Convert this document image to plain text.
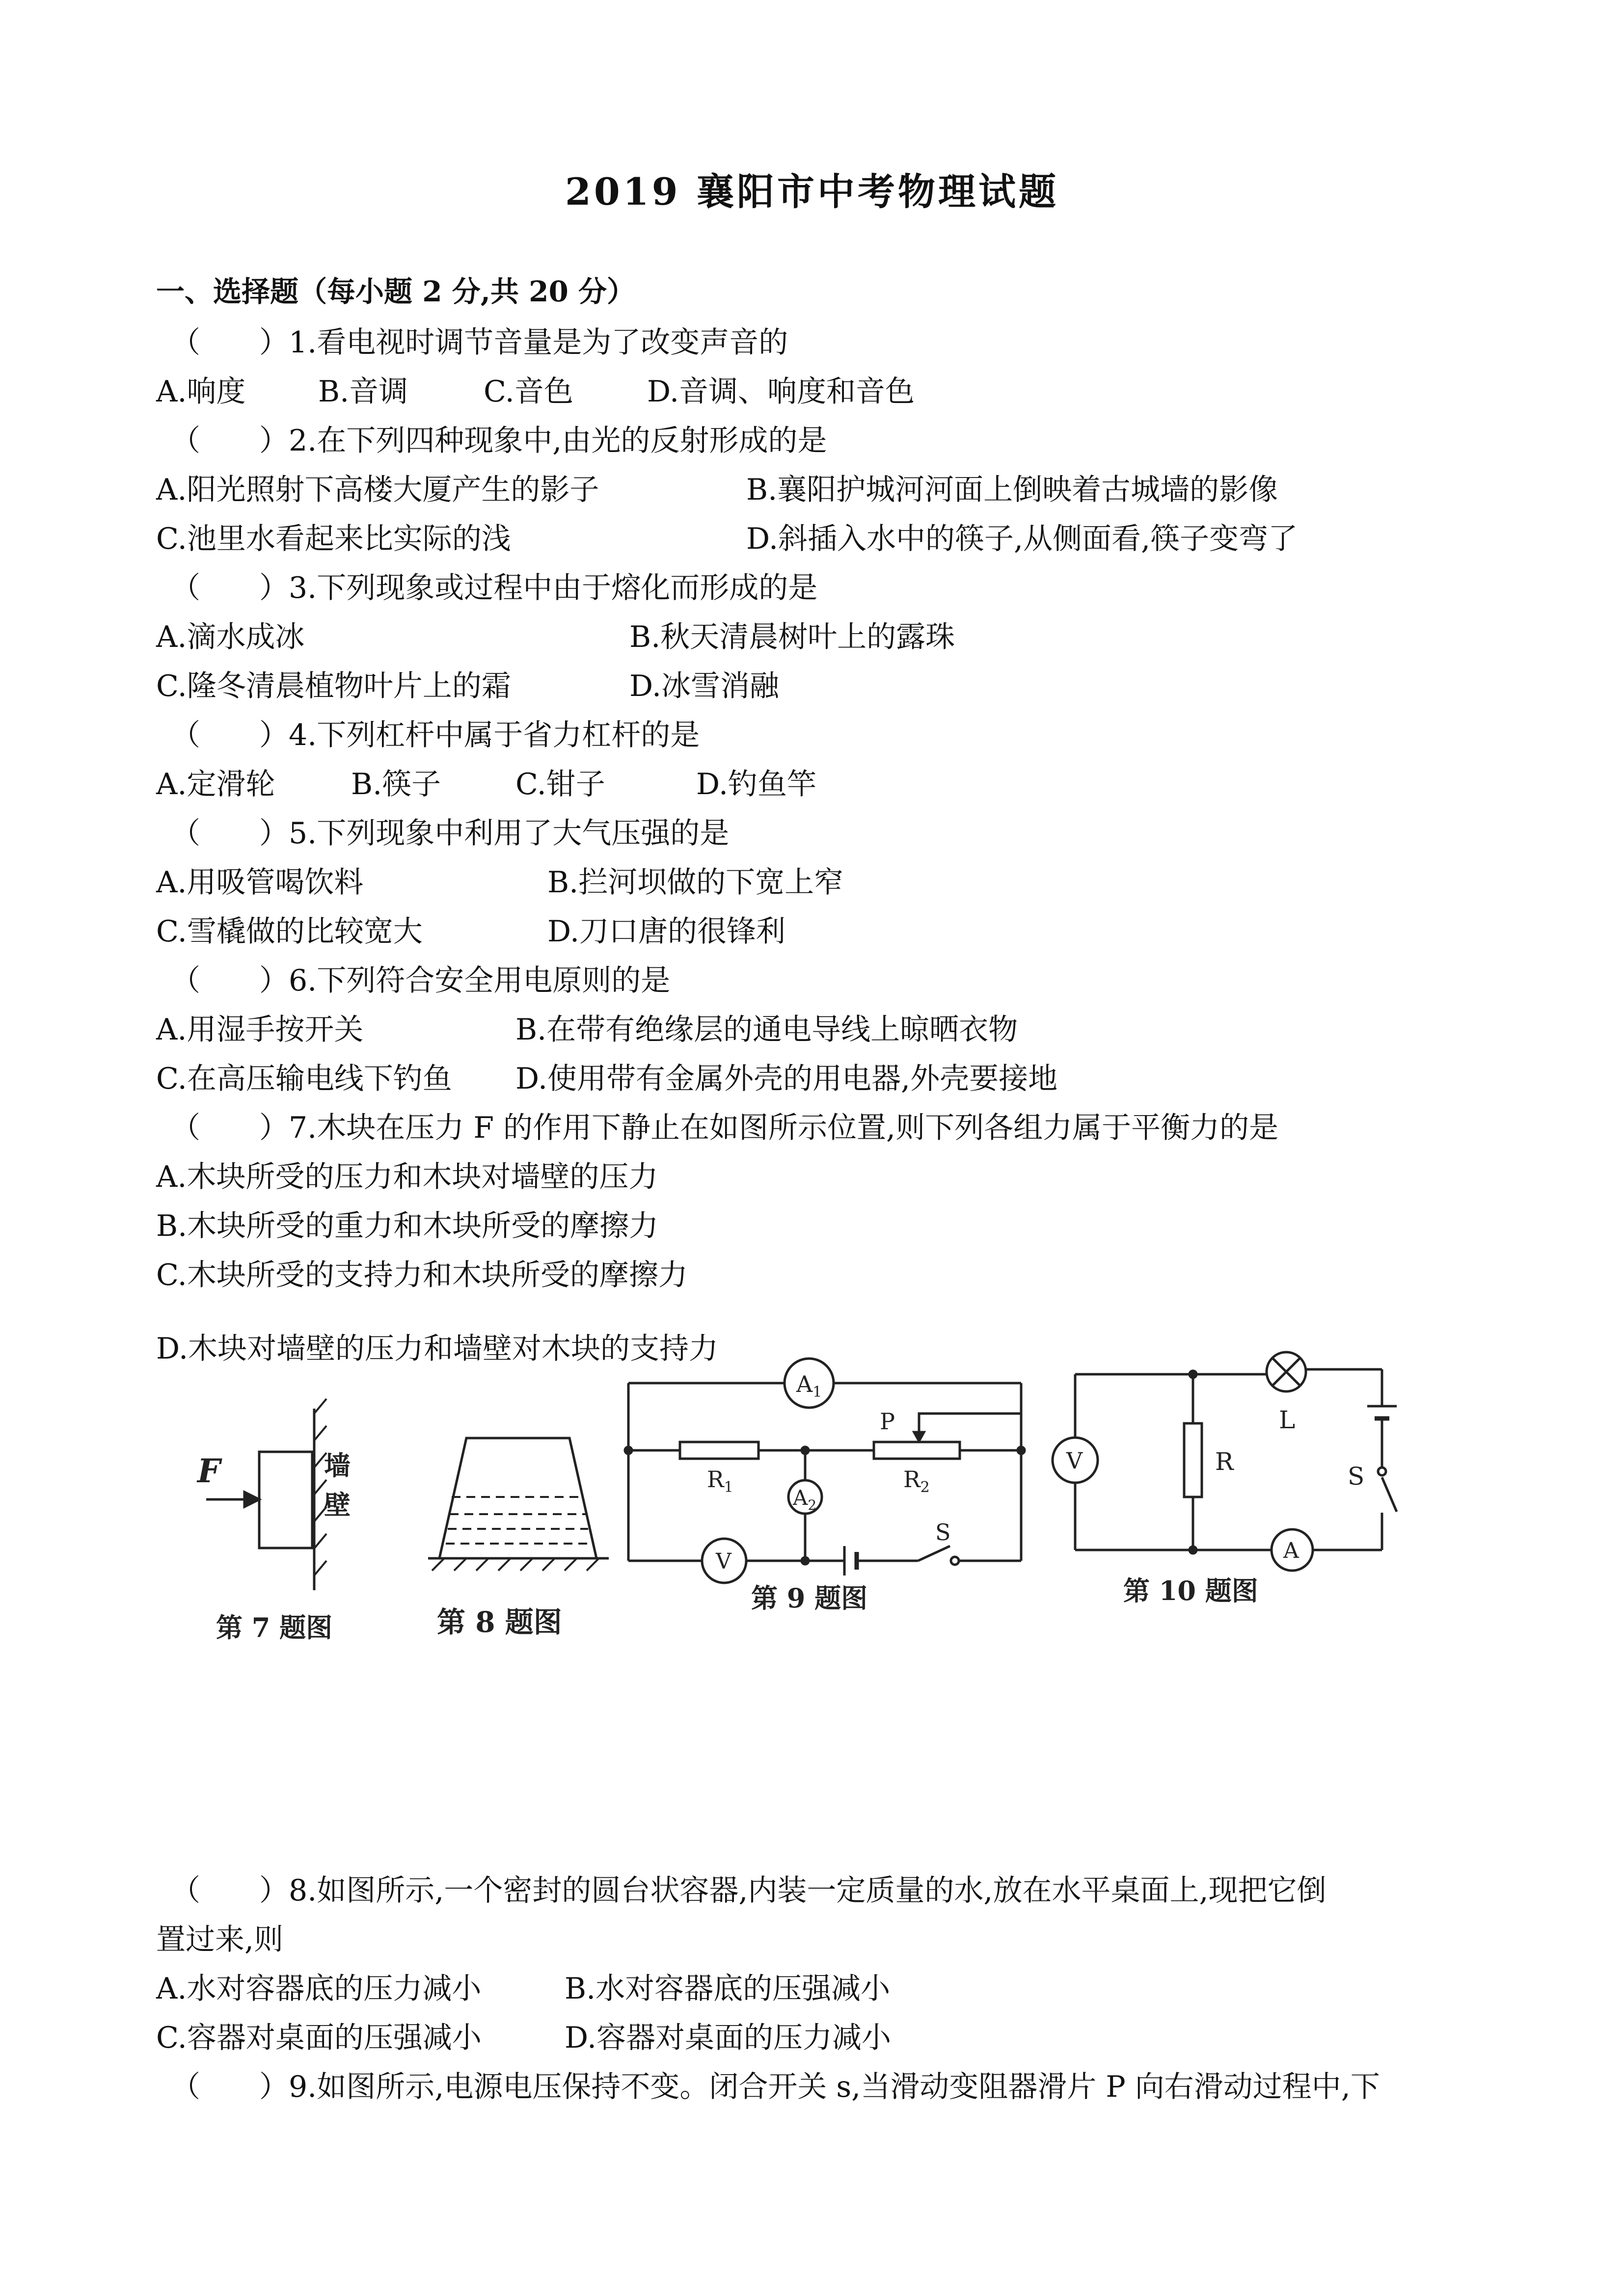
2019 襄阳市中考物理试题
一、选择题（每小题 2 分,共 20 分）
（　　）1.看电视时调节音量是为了改变声音的
A.响度 B.音调	C.音色	D.音调、响度和音色
（　　）2.在下列四种现象中,由光的反射形成的是
A.阳光照射下高楼大厦产生的影子	B.襄阳护城河河面上倒映着古城墙的影像
C.池里水看起来比实际的浅	D.斜插入水中的筷子,从侧面看,筷子变弯了
（　　）3.下列现象或过程中由于熔化而形成的是
A.滴水成冰	B.秋天清晨树叶上的露珠
C.隆冬清晨植物叶片上的霜	D.冰雪消融
（　　）4.下列杠杆中属于省力杠杆的是
A.定滑轮	B.筷子	C.钳子	D.钓鱼竿
（　　）5.下列现象中利用了大气压强的是
A.用吸管喝饮料	B.拦河坝做的下宽上窄
C.雪橇做的比较宽大	D.刀口唐的很锋利
（　　）6.下列符合安全用电原则的是
A.用湿手按开关	B.在带有绝缘层的通电导线上晾晒衣物
C.在高压输电线下钓鱼 D.使用带有金属外壳的用电器,外壳要接地
（　　）7.木块在压力 F 的作用下静止在如图所示位置,则下列各组力属于平衡力的是
A.木块所受的压力和木块对墙壁的压力
B.木块所受的重力和木块所受的摩擦力
C.木块所受的支持力和木块所受的摩擦力
D.木块对墙壁的压力和墙壁对木块的支持力
F	墙
壁
第 7 题图	第 8 题图
$A_1$
$A_2$
$R_1$	$R_2$
P
V
S
第 9 题图
L
V	R
S
A
第 10 题图
（　　）8.如图所示,一个密封的圆台状容器,内装一定质量的水,放在水平桌面上,现把它倒
置过来,则
A.水对容器底的压力减小	B.水对容器底的压强减小
C.容器对桌面的压强减小	D.容器对桌面的压力减小
（　　）9.如图所示,电源电压保持不变。闭合开关 s,当滑动变阻器滑片 P 向右滑动过程中,下
